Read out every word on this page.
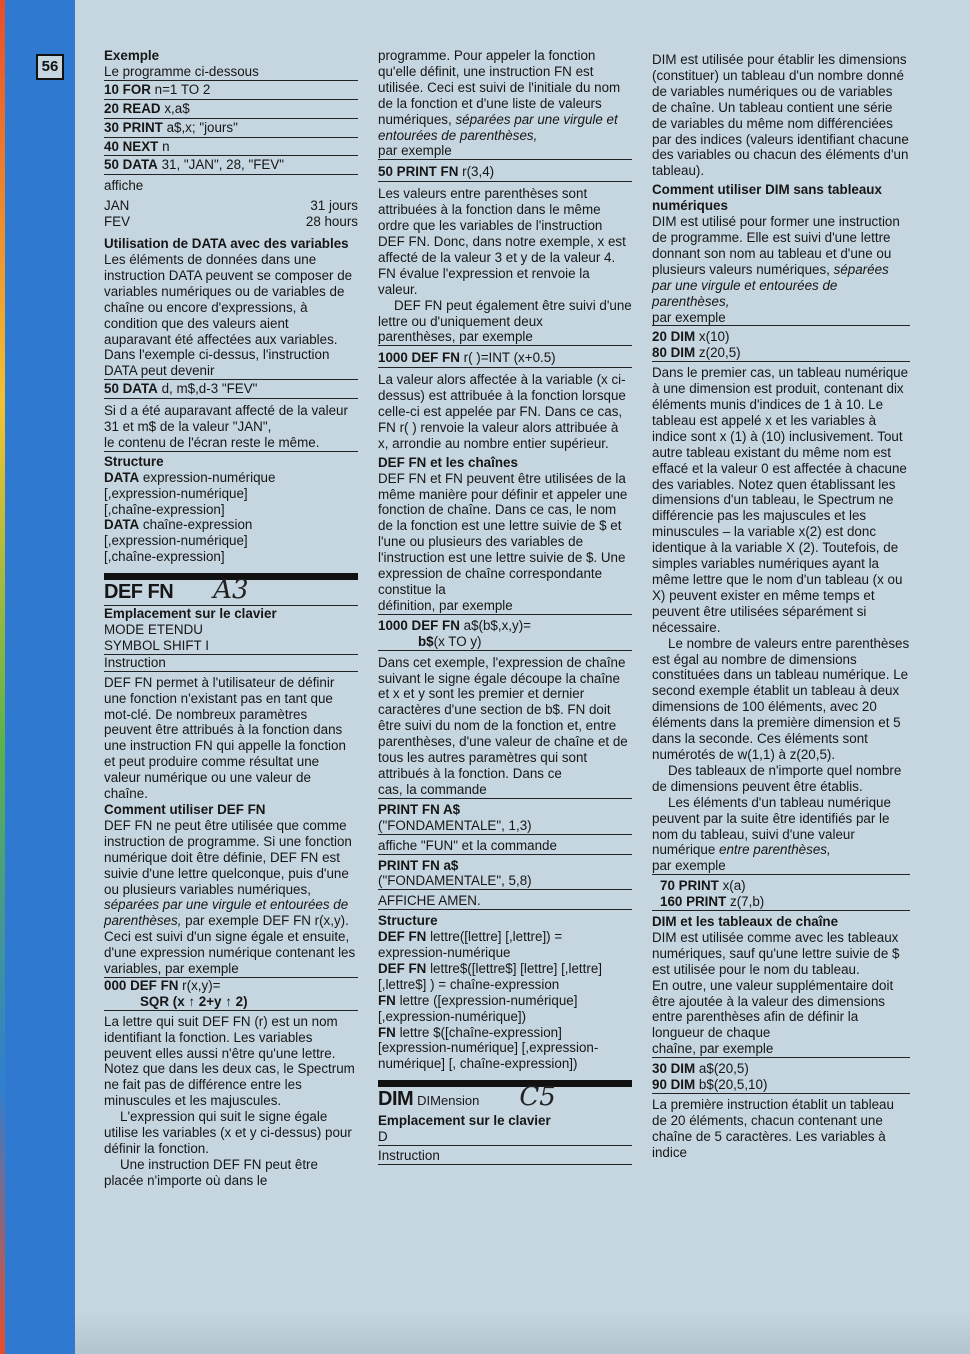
56

Exemple

Le programme ci-dessous

10 FOR n=1 TO 2
20 READ x,a$
30 PRINT a$,x; "jours"
40 NEXT n
50 DATA 31, "JAN", 28, "FEV"

affiche

JAN	31 jours
FEV	28 hours

Utilisation de DATA avec des variables

Les éléments de données dans une instruction DATA peuvent se composer de variables numériques ou de variables de chaîne ou encore d'expressions, à condition que des valeurs aient auparavant été affectées aux variables. Dans l'exemple ci-dessus, l'instruction

DATA peut devenir

50 DATA d, m$,d-3 "FEV"

Si d a été auparavant affecté de la valeur 31 et m$ de la valeur "JAN",

le contenu de l'écran reste le même.

Structure

DATA expression-numérique
[,expression-numérique]
[,chaîne-expression]
DATA chaîne-expression
[,expression-numérique]
[,chaîne-expression]
DEF FN A3

Emplacement sur le clavier

MODE ETENDU

SYMBOL SHIFT I

Instruction

DEF FN permet à l'utilisateur de définir une fonction n'existant pas en tant que mot-clé. De nombreux paramètres peuvent être attribués à la fonction dans une instruction FN qui appelle la fonction et peut produire comme résultat une valeur numérique ou une valeur de chaîne.

Comment utiliser DEF FN

DEF FN ne peut être utilisée que comme instruction de programme. Si une fonction numérique doit être définie, DEF FN est suivie d'une lettre quelconque, puis d'une ou plusieurs variables numériques, séparées par une virgule et entourées de parenthèses, par exemple DEF FN r(x,y). Ceci est suivi d'un signe égale et ensuite, d'une expression numérique contenant les

variables, par exemple

000 DEF FN r(x,y)=
SQR (x ↑ 2+y ↑ 2)

La lettre qui suit DEF FN (r) est un nom identifiant la fonction. Les variables peuvent elles aussi n'être qu'une lettre. Notez que dans les deux cas, le Spectrum ne fait pas de différence entre les minuscules et les majuscules.

L'expression qui suit le signe égale utilise les variables (x et y ci-dessus) pour définir la fonction.

Une instruction DEF FN peut être placée n'importe où dans le

programme. Pour appeler la fonction qu'elle définit, une instruction FN est utilisée. Ceci est suivi de l'initiale du nom de la fonction et d'une liste de valeurs numériques, séparées par une virgule et entourées de parenthèses,

par exemple

50 PRINT FN r(3,4)

Les valeurs entre parenthèses sont attribuées à la fonction dans le même ordre que les variables de l'instruction DEF FN. Donc, dans notre exemple, x est affecté de la valeur 3 et y de la valeur 4. FN évalue l'expression et renvoie la valeur.

DEF FN peut également être suivi d'une lettre ou d'uniquement deux

parenthèses, par exemple

1000 DEF FN r( )=INT (x+0.5)

La valeur alors affectée à la variable (x ci-dessus) est attribuée à la fonction lorsque celle-ci est appelée par FN. Dans ce cas, FN r( ) renvoie la valeur alors attribuée à x, arrondie au nombre entier supérieur.

DEF FN et les chaînes

DEF FN et FN peuvent être utilisées de la même manière pour définir et appeler une fonction de chaîne. Dans ce cas, le nom de la fonction est une lettre suivie de $ et l'une ou plusieurs des variables de l'instruction est une lettre suivie de $. Une expression de chaîne correspondante constitue la

définition, par exemple

1000 DEF FN a$(b$,x,y)=
b$(x TO y)

Dans cet exemple, l'expression de chaîne suivant le signe égale découpe la chaîne et x et y sont les premier et dernier caractères d'une section de b$. FN doit être suivi du nom de la fonction et, entre parenthèses, d'une valeur de chaîne et de tous les autres paramètres qui sont attribués à la fonction. Dans ce

cas, la commande

PRINT FN A$
("FONDAMENTALE", 1,3)

affiche "FUN" et la commande

PRINT FN a$
("FONDAMENTALE", 5,8)

AFFICHE AMEN.

Structure

DEF FN lettre([lettre] [,lettre]) = expression-numérique
DEF FN lettre$([lettre$] [lettre] [,lettre] [,lettre$] ) = chaîne-expression
FN lettre ([expression-numérique] [,expression-numérique])
FN lettre $([chaîne-expression] [expression-numérique] [,expression-numérique] [, chaîne-expression])
DIM DIMension C5

Emplacement sur le clavier

D

Instruction

DIM est utilisée pour établir les dimensions (constituer) un tableau d'un nombre donné de variables numériques ou de variables de chaîne. Un tableau contient une série de variables du même nom différenciées par des indices (valeurs identifiant chacune des variables ou chacun des éléments d'un tableau).

Comment utiliser DIM sans tableaux numériques

DIM est utilisé pour former une instruction de programme. Elle est suivi d'une lettre donnant son nom au tableau et d'une ou plusieurs valeurs numériques, séparées par une virgule et entourées de parenthèses,

par exemple

20 DIM x(10)
80 DIM z(20,5)

Dans le premier cas, un tableau numérique à une dimension est produit, contenant dix éléments munis d'indices de 1 à 10. Le tableau est appelé x et les variables à indice sont x (1) à (10) inclusivement. Tout autre tableau existant du même nom est effacé et la valeur 0 est affectée à chacune des variables. Notez quen établissant les dimensions d'un tableau, le Spectrum ne différencie pas les majuscules et les minuscules – la variable x(2) est donc identique à la variable X (2). Toutefois, de simples variables numériques ayant la même lettre que le nom d'un tableau (x ou X) peuvent exister en même temps et peuvent être utilisées séparément si nécessaire.

Le nombre de valeurs entre parenthèses est égal au nombre de dimensions constituées dans un tableau numérique. Le second exemple établit un tableau à deux dimensions de 100 éléments, avec 20 éléments dans la première dimension et 5 dans la seconde. Ces éléments sont numérotés de w(1,1) à z(20,5).

Des tableaux de n'importe quel nombre de dimensions peuvent être établis.

Les éléments d'un tableau numérique peuvent par la suite être identifiés par le nom du tableau, suivi d'une valeur numérique entre parenthèses,

par exemple

70 PRINT x(a)
160 PRINT z(7,b)

DIM et les tableaux de chaîne

DIM est utilisée comme avec les tableaux numériques, sauf qu'une lettre suivie de $ est utilisée pour le nom du tableau.

En outre, une valeur supplémentaire doit être ajoutée à la valeur des dimensions entre parenthèses afin de définir la longueur de chaque

chaîne, par exemple

30 DIM a$(20,5)
90 DIM b$(20,5,10)

La première instruction établit un tableau de 20 éléments, chacun contenant une chaîne de 5 caractères. Les variables à indice
